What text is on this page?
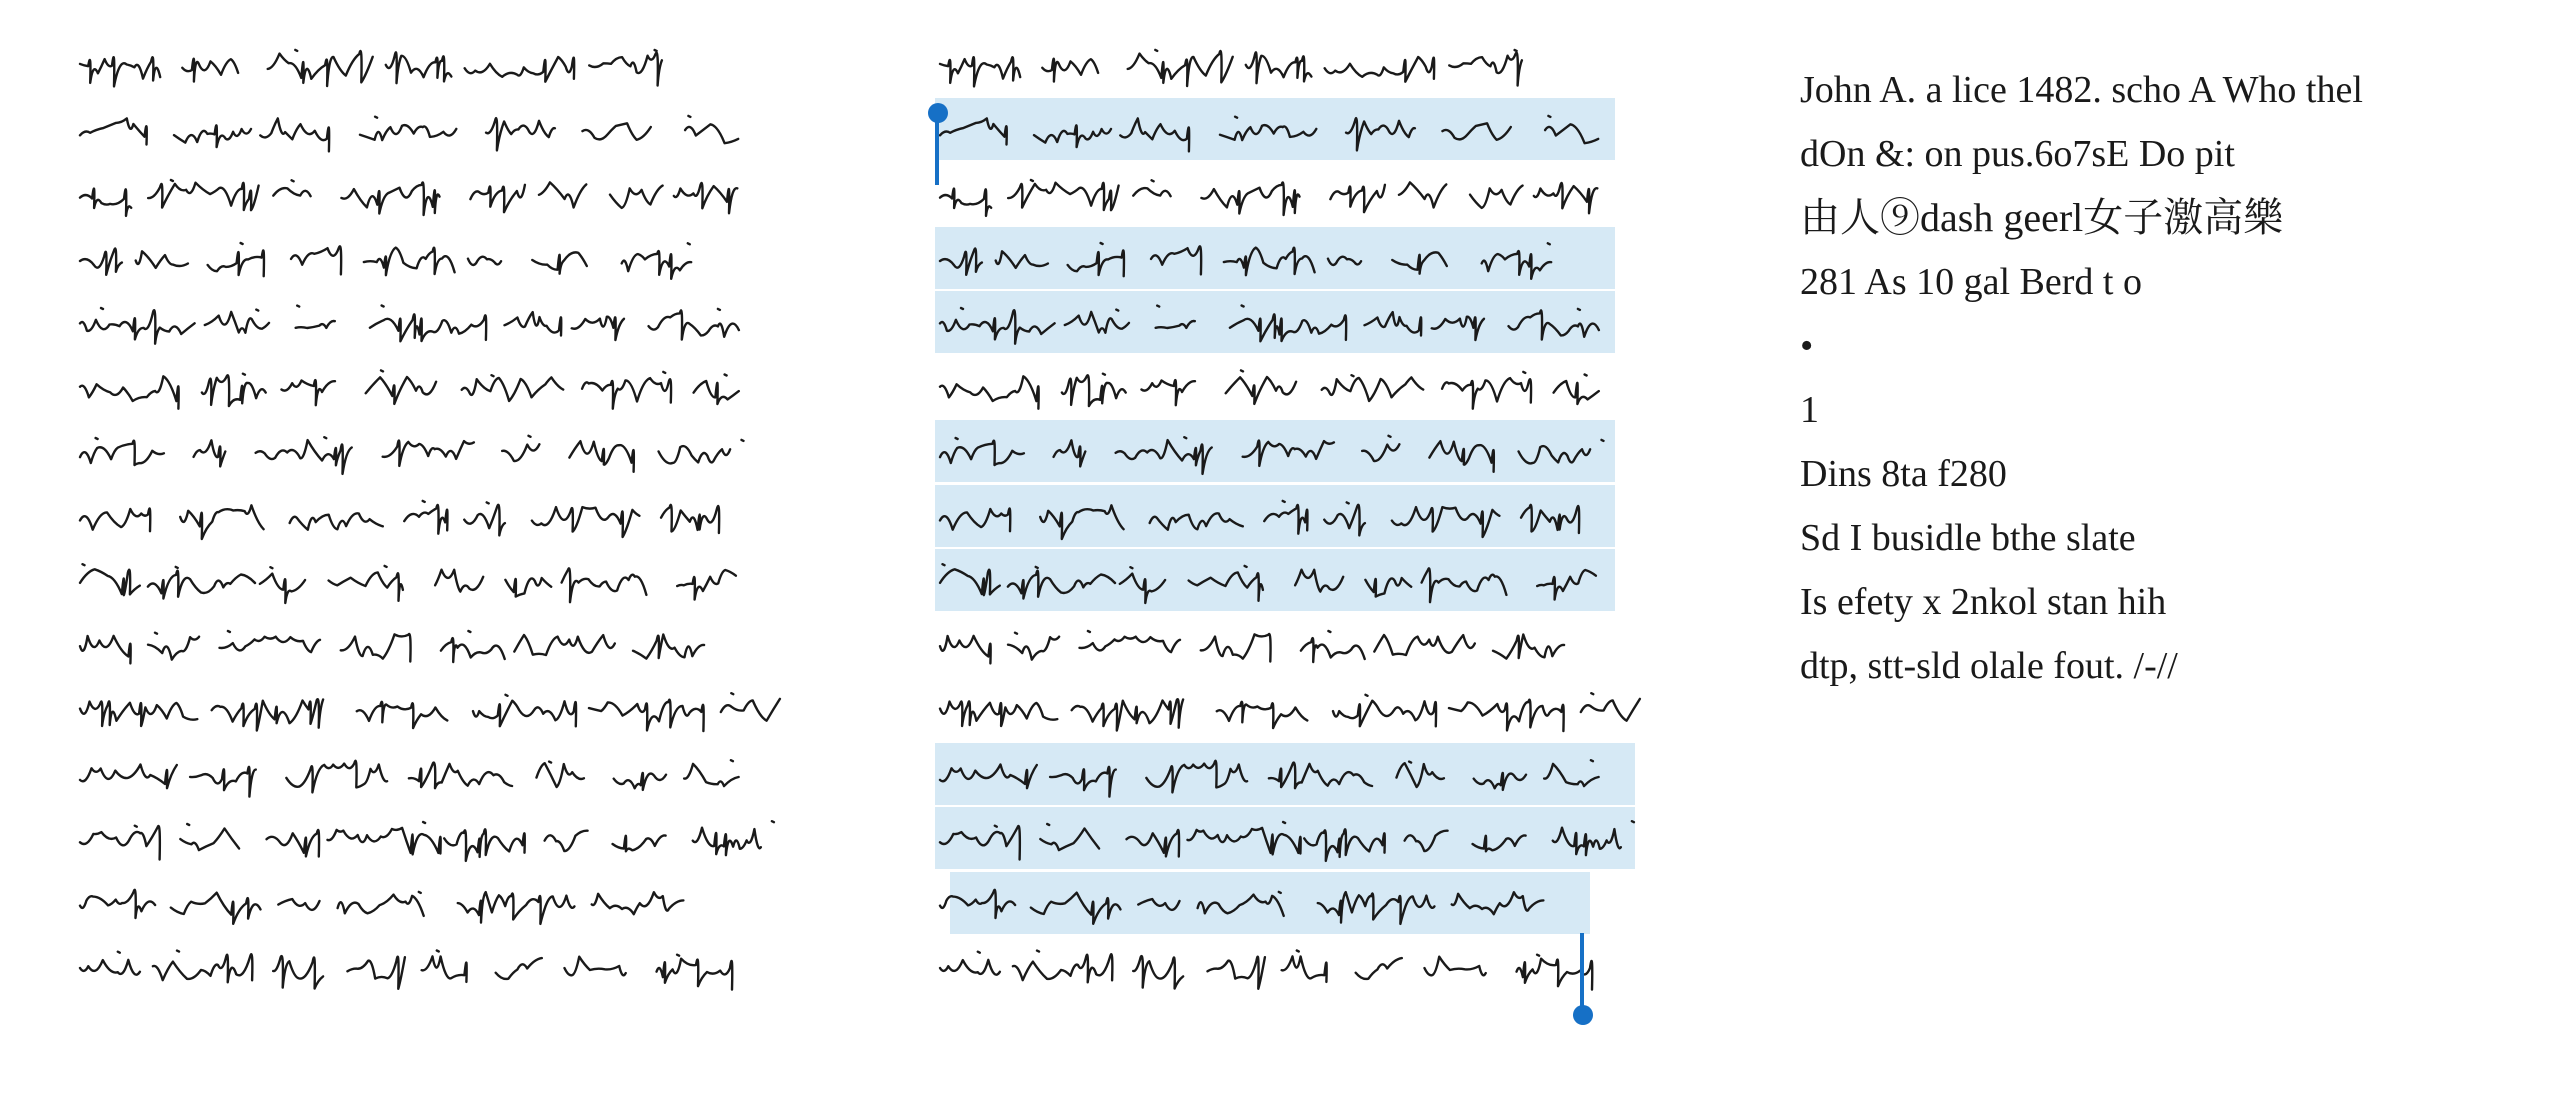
John A. a lice 1482. scho A Who thel
dOn &: on pus.6o7sE Do pit
由人⑨dash geerl女子激高樂
281 As 10 gal Berd t o
•
1
Dins 8ta f280
Sd I busidle bthe slate
Is efety x 2nkol stan hih
dtp, stt-sld olale fout. /-//
